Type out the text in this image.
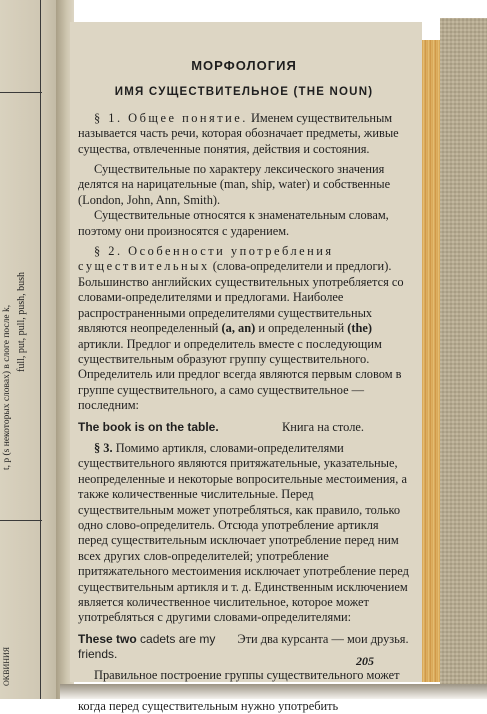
t, p (s некоторых словах) в слоге после k, full, put, pull, push, bush
ОКВИНИЯ

МОРФОЛОГИЯ

ИМЯ СУЩЕСТВИТЕЛЬНОЕ (THE NOUN)

§ 1. Общее понятие. Именем существительным называется часть речи, которая обозначает предметы, живые существа, отвлеченные понятия, действия и состояния.

Существительные по характеру лексического значения делятся на нарицательные (man, ship, water) и собственные (London, John, Ann, Smith).

Существительные относятся к знаменательным словам, поэтому они произносятся с ударением.

§ 2. Особенности употребления существительных (слова-определители и предлоги). Большинство английских существительных употребляется со словами-определителями и предлогами. Наиболее распространенными определителями существительных являются неопределенный (a, an) и определенный (the) артикли. Предлог и определитель вместе с последующим существительным образуют группу существительного. Определитель или предлог всегда являются первым словом в группе существительного, а само существительное — последним:

The book is on the table.	Книга на столе.

§ 3. Помимо артикля, словами-определителями существительного являются притяжательные, указательные, неопределенные и некоторые вопросительные местоимения, а также количественные числительные. Перед существительным может употребляться, как правило, только одно слово-определитель. Отсюда употребление артикля перед существительным исключает употребление перед ним всех других слов-определителей; употребление притяжательного местоимения исключает употребление перед существительным артикля и т. д. Единственным исключением является количественное числительное, которое может употребляться с другими словами-определителями:

These two cadets are my friends.
Эти два курсанта — мои друзья.

Правильное построение группы существительного может когда перед существительным нужно употребить

205
